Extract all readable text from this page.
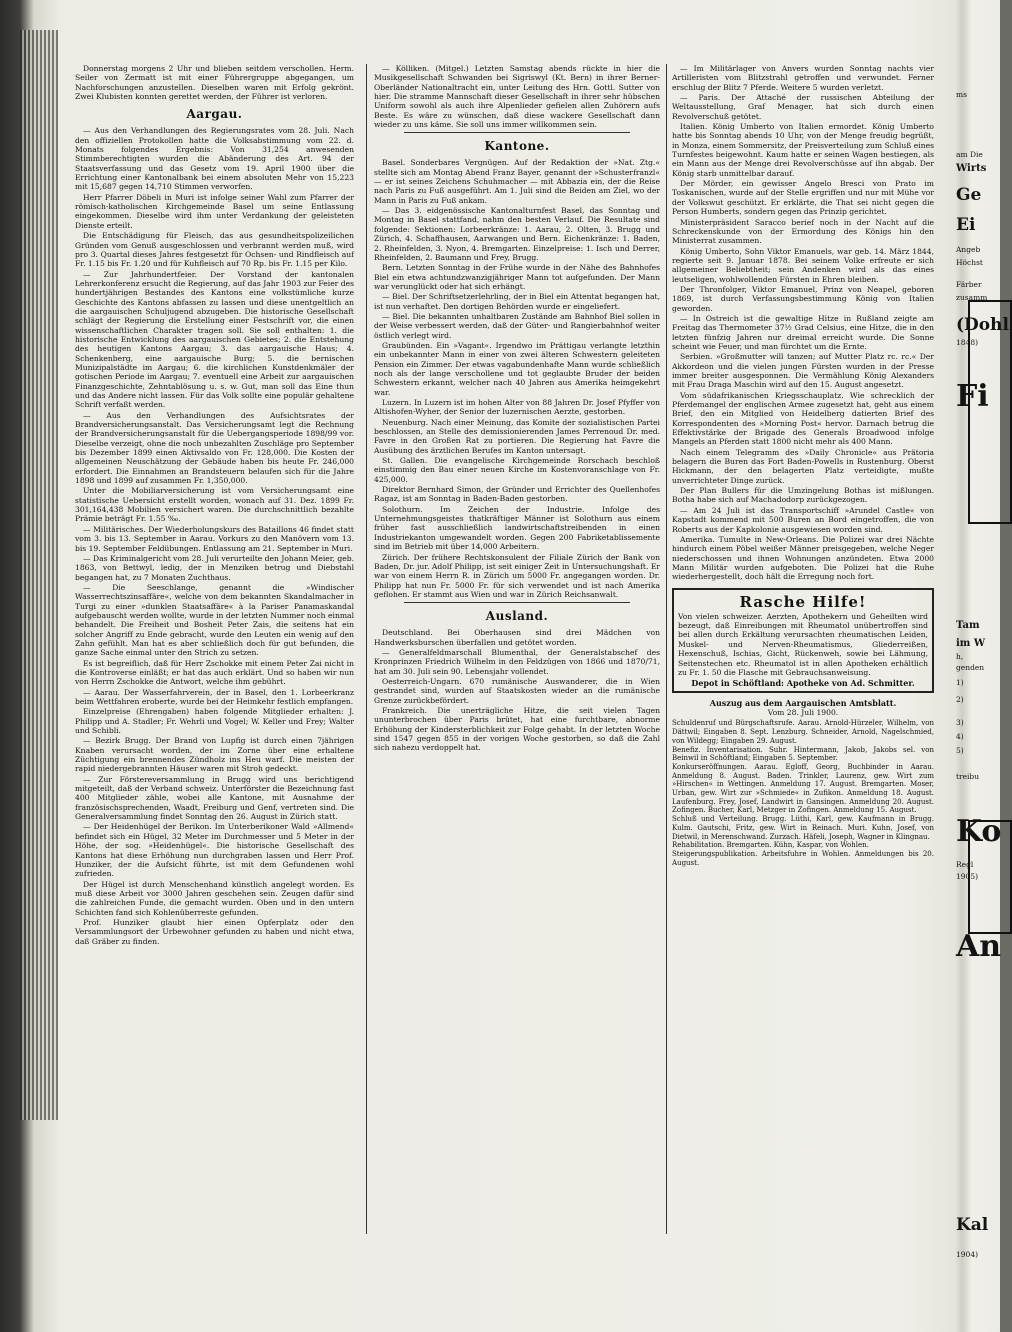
Donnerstag morgens 2 Uhr und blieben seitdem verschollen. Herm. Seiler von Zermatt ist mit einer Führergruppe abgegangen, um Nachforschungen anzustellen. Dieselben waren mit Erfolg gekrönt. Zwei Klubisten konnten gerettet werden, der Führer ist verloren.

Aargau.

— Aus den Verhandlungen des Regierungsrates vom 28. Juli. Nach den offiziellen Protokollen hatte die Volksabstimmung vom 22. d. Monats folgendes Ergebnis: Von 31,254 anwesenden Stimmberechtigten wurden die Abänderung des Art. 94 der Staatsverfassung und das Gesetz vom 19. April 1900 über die Errichtung einer Kantonalbank bei einem absoluten Mehr von 15,223 mit 15,687 gegen 14,710 Stimmen verworfen.

Herr Pfarrer Döbeli in Muri ist infolge seiner Wahl zum Pfarrer der römisch-katholischen Kirchgemeinde Basel um seine Entlassung eingekommen. Dieselbe wird ihm unter Verdankung der geleisteten Dienste erteilt.

Die Entschädigung für Fleisch, das aus gesundheitspolizeilichen Gründen vom Genuß ausgeschlossen und verbrannt werden muß, wird pro 3. Quartal dieses Jahres festgesetzt für Ochsen- und Rindfleisch auf Fr. 1.15 bis Fr. 1.20 und für Kuhfleisch auf 70 Rp. bis Fr. 1.15 per Kilo.

— Zur Jahrhundertfeier. Der Vorstand der kantonalen Lehrerkonferenz ersucht die Regierung, auf das Jahr 1903 zur Feier des hundertjährigen Bestandes des Kantons eine volkstümliche kurze Geschichte des Kantons abfassen zu lassen und diese unentgeltlich an die aargauischen Schuljugend abzugeben. Die historische Gesellschaft schlägt der Regierung die Erstellung einer Festschrift vor, die einen wissenschaftlichen Charakter tragen soll. Sie soll enthalten: 1. die historische Entwicklung des aargauischen Gebietes; 2. die Entstehung des heutigen Kantons Aargau; 3. das aargauische Haus; 4. Schenkenberg, eine aargauische Burg; 5. die bernischen Munizipalstädte im Aargau; 6. die kirchlichen Kunstdenkmäler der gotischen Periode im Aargau; 7. eventuell eine Arbeit zur aargauischen Finanzgeschichte, Zehntablösung u. s. w. Gut, man soll das Eine thun und das Andere nicht lassen. Für das Volk sollte eine populär gehaltene Schrift verfaßt werden.

— Aus den Verhandlungen des Aufsichtsrates der Brandversicherungsanstalt. Das Versicherungsamt legt die Rechnung der Brandversicherungsanstalt für die Uebergangsperiode 1898/99 vor. Dieselbe verzeigt, ohne die noch unbezahlten Zuschläge pro September bis Dezember 1899 einen Aktivsaldo von Fr. 128,000. Die Kosten der allgemeinen Neuschätzung der Gebäude haben bis heute Fr. 246,000 erfordert. Die Einnahmen an Brandsteuern belaufen sich für die Jahre 1898 und 1899 auf zusammen Fr. 1,350,000.

Unter die Mobiliarversicherung ist vom Versicherungsamt eine statistische Uebersicht erstellt worden, wonach auf 31. Dez. 1899 Fr. 301,164,438 Mobilien versichert waren. Die durchschnittlich bezahlte Prämie beträgt Fr. 1.55 ‰.

— Militärisches. Der Wiederholungskurs des Bataillons 46 findet statt vom 3. bis 13. September in Aarau. Vorkurs zu den Manövern vom 13. bis 19. September Feldübungen. Entlassung am 21. September in Muri.

— Das Kriminalgericht vom 28. Juli verurteilte den Johann Meier, geb. 1863, von Bettwyl, ledig, der in Menziken betrug und Diebstahl begangen hat, zu 7 Monaten Zuchthaus.

— Die Seeschlange, genannt die »Windischer Wasserrechtszinsaffäre«, welche von dem bekannten Skandalmacher in Turgi zu einer »dunklen Staatsaffäre« à la Pariser Panamaskandal aufgebauscht werden wollte, wurde in der letzten Nummer noch einmal behandelt. Die Freiheit und Bosheit Peter Zais, die seitens hat ein solcher Angriff zu Ende gebracht, wurde den Leuten ein wenig auf den Zahn gefühlt. Man hat es aber schließlich doch für gut befunden, die ganze Sache einmal unter den Strich zu setzen.

Es ist begreiflich, daß für Herr Zschokke mit einem Peter Zai nicht in die Kontroverse einläßt; er hat das auch erklärt. Und so haben wir nun von Herrn Zschokke die Antwort, welche ihm gebührt.

— Aarau. Der Wasserfahrverein, der in Basel, den 1. Lorbeerkranz beim Wettfahren eroberte, wurde bei der Heimkehr festlich empfangen.

Einzelpreise (Ehrengaben) haben folgende Mitglieder erhalten: J. Philipp und A. Stadler; Fr. Wehrli und Vogel; W. Keller und Frey; Walter und Schibli.

— Bezirk Brugg. Der Brand von Lupfig ist durch einen 7jährigen Knaben verursacht worden, der im Zorne über eine erhaltene Züchtigung ein brennendes Zündholz ins Heu warf. Die meisten der rapid niedergebrannten Häuser waren mit Stroh gedeckt.

— Zur Förstereversammlung in Brugg wird uns berichtigend mitgeteilt, daß der Verband schweiz. Unterförster die Bezeichnung fast 400 Mitglieder zähle, wobei alle Kantone, mit Ausnahme der französischsprechenden, Waadt, Freiburg und Genf, vertreten sind. Die Generalversammlung findet Sonntag den 26. August in Zürich statt.

— Der Heidenhügel der Berikon. Im Unterberikoner Wald »Allmend« befindet sich ein Hügel, 32 Meter im Durchmesser und 5 Meter in der Höhe, der sog. »Heidenhügel«. Die historische Gesellschaft des Kantons hat diese Erhöhung nun durchgraben lassen und Herr Prof. Hunziker, der die Aufsicht führte, ist mit dem Gefundenen wohl zufrieden.

Der Hügel ist durch Menschenhand künstlich angelegt worden. Es muß diese Arbeit vor 3000 Jahren geschehen sein. Zeugen dafür sind die zahlreichen Funde, die gemacht wurden. Oben und in den untern Schichten fand sich Kohlenüberreste gefunden.

Prof. Hunziker glaubt hier einen Opferplatz oder den Versammlungsort der Urbewohner gefunden zu haben und nicht etwa, daß Gräber zu finden.

— Kölliken. (Mitgel.) Letzten Samstag abends rückte in hier die Musikgesellschaft Schwanden bei Sigriswyl (Kt. Bern) in ihrer Berner-Oberländer Nationaltracht ein, unter Leitung des Hrn. Gottl. Sutter von hier. Die stramme Mannschaft dieser Gesellschaft in ihrer sehr hübschen Uniform sowohl als auch ihre Alpenlieder gefielen allen Zuhörern aufs Beste. Es wäre zu wünschen, daß diese wackere Gesellschaft dann wieder zu uns käme. Sie soll uns immer willkommen sein.

Kantone.

Basel. Sonderbares Vergnügen. Auf der Redaktion der »Nat. Ztg.« stellte sich am Montag Abend Franz Bayer, genannt der »Schusterfranzl« — er ist seines Zeichens Schuhmacher — mit Abbazia ein, der die Reise nach Paris zu Fuß ausgeführt. Am 1. Juli sind die Beiden am Ziel, wo der Mann in Paris zu Fuß ankam.

— Das 3. eidgenössische Kantonalturnfest Basel, das Sonntag und Montag in Basel stattfand, nahm den besten Verlauf. Die Resultate sind folgende: Sektionen: Lorbeerkränze: 1. Aarau, 2. Olten, 3. Brugg und Zürich, 4. Schaffhausen, Aarwangen und Bern. Eichenkränze: 1. Baden, 2. Rheinfelden, 3. Nyon, 4. Bremgarten. Einzelpreise: 1. Isch und Derrer, Rheinfelden, 2. Baumann und Frey, Brugg.

Bern. Letzten Sonntag in der Frühe wurde in der Nähe des Bahnhofes Biel ein etwa achtundzwanzigjähriger Mann tot aufgefunden. Der Mann war verunglückt oder hat sich erhängt.

— Biel. Der Schriftsetzerlehrling, der in Biel ein Attentat begangen hat, ist nun verhaftet. Den dortigen Behörden wurde er eingeliefert.

— Biel. Die bekannten unhaltbaren Zustände am Bahnhof Biel sollen in der Weise verbessert werden, daß der Güter- und Rangierbahnhof weiter östlich verlegt wird.

Graubünden. Ein »Vagant«. Irgendwo im Prättigau verlangte letzthin ein unbekannter Mann in einer von zwei älteren Schwestern geleiteten Pension ein Zimmer. Der etwas vagabundenhafte Mann wurde schließlich noch als der lange verschollene und tot geglaubte Bruder der beiden Schwestern erkannt, welcher nach 40 Jahren aus Amerika heimgekehrt war.

Luzern. In Luzern ist im hohen Alter von 88 Jahren Dr. Josef Pfyffer von Altishofen-Wyher, der Senior der luzernischen Aerzte, gestorben.

Neuenburg. Nach einer Meinung, das Komite der sozialistischen Partei beschlossen, an Stelle des demissionierenden James Perrenoud Dr. med. Favre in den Großen Rat zu portieren. Die Regierung hat Favre die Ausübung des ärztlichen Berufes im Kanton untersagt.

St. Gallen. Die evangelische Kirchgemeinde Rorschach beschloß einstimmig den Bau einer neuen Kirche im Kostenvoranschlage von Fr. 425,000.

Direktor Bernhard Simon, der Gründer und Errichter des Quellenhofes Ragaz, ist am Sonntag in Baden-Baden gestorben.

Solothurn. Im Zeichen der Industrie. Infolge des Unternehmungsgeistes thatkräftiger Männer ist Solothurn aus einem früher fast ausschließlich landwirtschaftstreibenden in einen Industriekanton umgewandelt worden. Gegen 200 Fabriketablissemente sind im Betrieb mit über 14,000 Arbeitern.

Zürich. Der frühere Rechtskonsulent der Filiale Zürich der Bank von Baden, Dr. jur. Adolf Philipp, ist seit einiger Zeit in Untersuchungshaft. Er war von einem Herrn R. in Zürich um 5000 Fr. angegangen worden. Dr. Philipp hat nun Fr. 5000 Fr. für sich verwendet und ist nach Amerika geflohen. Er stammt aus Wien und war in Zürich Reichsanwalt.

Ausland.

Deutschland. Bei Oberhausen sind drei Mädchen von Handwerksburschen überfallen und getötet worden.

— Generalfeldmarschall Blumenthal, der Generalstabschef des Kronprinzen Friedrich Wilhelm in den Feldzügen von 1866 und 1870/71, hat am 30. Juli sein 90. Lebensjahr vollendet.

Oesterreich-Ungarn. 670 rumänische Auswanderer, die in Wien gestrandet sind, wurden auf Staatskosten wieder an die rumänische Grenze zurückbefördert.

Frankreich. Die unerträgliche Hitze, die seit vielen Tagen ununterbrochen über Paris brütet, hat eine furchtbare, abnorme Erhöhung der Kindersterblichkeit zur Folge gehabt. In der letzten Woche sind 1547 gegen 855 in der vorigen Woche gestorben, so daß die Zahl sich nahezu verdoppelt hat.

— Im Militärlager von Anvers wurden Sonntag nachts vier Artilleristen vom Blitzstrahl getroffen und verwundet. Ferner erschlug der Blitz 7 Pferde. Weitere 5 wurden verletzt.

— Paris. Der Attaché der russischen Abteilung der Weltausstellung, Graf Menager, hat sich durch einen Revolverschuß getötet.

Italien. König Umberto von Italien ermordet. König Umberto hatte bis Sonntag abends 10 Uhr, von der Menge freudig begrüßt, in Monza, einem Sommersitz, der Preisverteilung zum Schluß eines Turnfestes beigewohnt. Kaum hatte er seinen Wagen bestiegen, als ein Mann aus der Menge drei Revolverschüsse auf ihn abgab. Der König starb unmittelbar darauf.

Der Mörder, ein gewisser Angelo Bresci von Prato im Toskanischen, wurde auf der Stelle ergriffen und nur mit Mühe vor der Volkswut geschützt. Er erklärte, die That sei nicht gegen die Person Humberts, sondern gegen das Prinzip gerichtet.

Ministerpräsident Saracco berief noch in der Nacht auf die Schreckenskunde von der Ermordung des Königs hin den Ministerrat zusammen.

König Umberto, Sohn Viktor Emanuels, war geb. 14. März 1844, regierte seit 9. Januar 1878. Bei seinem Volke erfreute er sich allgemeiner Beliebtheit; sein Andenken wird als das eines leutseligen, wohlwollenden Fürsten in Ehren bleiben.

Der Thronfolger, Viktor Emanuel, Prinz von Neapel, geboren 1869, ist durch Verfassungsbestimmung König von Italien geworden.

— In Ostreich ist die gewaltige Hitze in Rußland zeigte am Freitag das Thermometer 37½ Grad Celsius, eine Hitze, die in den letzten fünfzig Jahren nur dreimal erreicht wurde. Die Sonne scheint wie Feuer, und man fürchtet um die Ernte.

Serbien. »Großmutter will tanzen; auf Mutter Platz rc. rc.« Der Akkordeon und die vielen jungen Fürsten wurden in der Presse immer breiter ausgesponnen. Die Vermählung König Alexanders mit Frau Draga Maschin wird auf den 15. August angesetzt.

Vom südafrikanischen Kriegsschauplatz. Wie schrecklich der Pferdemangel der englischen Armee zugesetzt hat, geht aus einem Brief, den ein Mitglied von Heidelberg datierten Brief des Korrespondenten des »Morning Post« hervor. Darnach betrug die Effektivstärke der Brigade des Generals Broadwood infolge Mangels an Pferden statt 1800 nicht mehr als 400 Mann.

Nach einem Telegramm des »Daily Chronicle« aus Prätoria belagern die Buren das Fort Baden-Powells in Rustenburg. Oberst Hickmann, der den belagerten Platz verteidigte, mußte unverrichteter Dinge zurück.

Der Plan Bullers für die Umzingelung Bothas ist mißlungen. Botha habe sich auf Machadodorp zurückgezogen.

— Am 24 Juli ist das Transportschiff »Arundel Castle« von Kapstadt kommend mit 500 Buren an Bord eingetroffen, die von Roberts aus der Kapkolonie ausgewiesen worden sind.

Amerika. Tumulte in New-Orleans. Die Polizei war drei Nächte hindurch einem Pöbel weißer Männer preisgegeben, welche Neger niederschossen und ihnen Wohnungen anzündeten. Etwa 2000 Mann Militär wurden aufgeboten. Die Polizei hat die Ruhe wiederhergestellt, doch hält die Erregung noch fort.

Rasche Hilfe!
Von vielen schweizer. Aerzten, Apothekern und Geheilten wird bezeugt, daß Einreibungen mit Rheumatol unübertroffen sind bei allen durch Erkältung verursachten rheumatischen Leiden, Muskel- und Nerven-Rheumatismus, Gliederreißen, Hexenschuß, Ischias, Gicht, Rückenweh, sowie bei Lähmung, Seitenstechen etc. Rheumatol ist in allen Apotheken erhältlich zu Fr. 1. 50 die Flasche mit Gebrauchsanweisung.
Depot in Schöftland: Apotheke von Ad. Schmitter.
Auszug aus dem Aargauischen Amtsblatt.
Vom 28. Juli 1900.

Schuldenruf und Bürgschaftsrufe. Aarau. Arnold-Hürzeler, Wilhelm, von Dättwil; Eingaben 8. Sept. Lenzburg. Schneider, Arnold, Nagelschmied, von Wildegg; Eingaben 29. August.

Benefiz. Inventarisation. Suhr. Hintermann, Jakob, Jakobs sel. von Beinwil in Schöftland; Eingaben 5. September.

Konkurseröffnungen. Aarau. Egloff, Georg, Buchbinder in Aarau. Anmeldung 8. August. Baden. Trinkler, Laurenz, gew. Wirt zum »Hirschen« in Wettingen. Anmeldung 17. August. Bremgarten. Moser, Urban, gew. Wirt zur »Schmiede« in Zufikon. Anmeldung 18. August. Laufenburg. Frey, Josef, Landwirt in Gansingen. Anmeldung 20. August. Zofingen. Bucher, Karl, Metzger in Zofingen. Anmeldung 15. August.

Schluß und Verteilung. Brugg. Lüthi, Karl, gew. Kaufmann in Brugg. Kulm. Gautschi, Fritz, gew. Wirt in Reinach. Muri. Kuhn, Josef, von Dietwil, in Merenschwand. Zurzach. Häfeli, Joseph, Wagner in Klingnau.

Rehabilitation. Bremgarten. Kühn, Kaspar, von Wohlen.

Steigerungspublikation. Arbeitsfuhre in Wohlen. Anmeldungen bis 20. August.

ms
am Die
Wirts
Ge
Ei
Angeb
Höchst
Färber
zusamm
(Dohl
1848)
Fi
Tam
im W
h,
genden
1)
2)
3)
4)
5)
treibu
Ko
Regl
1905)
An
Kal
1904)
